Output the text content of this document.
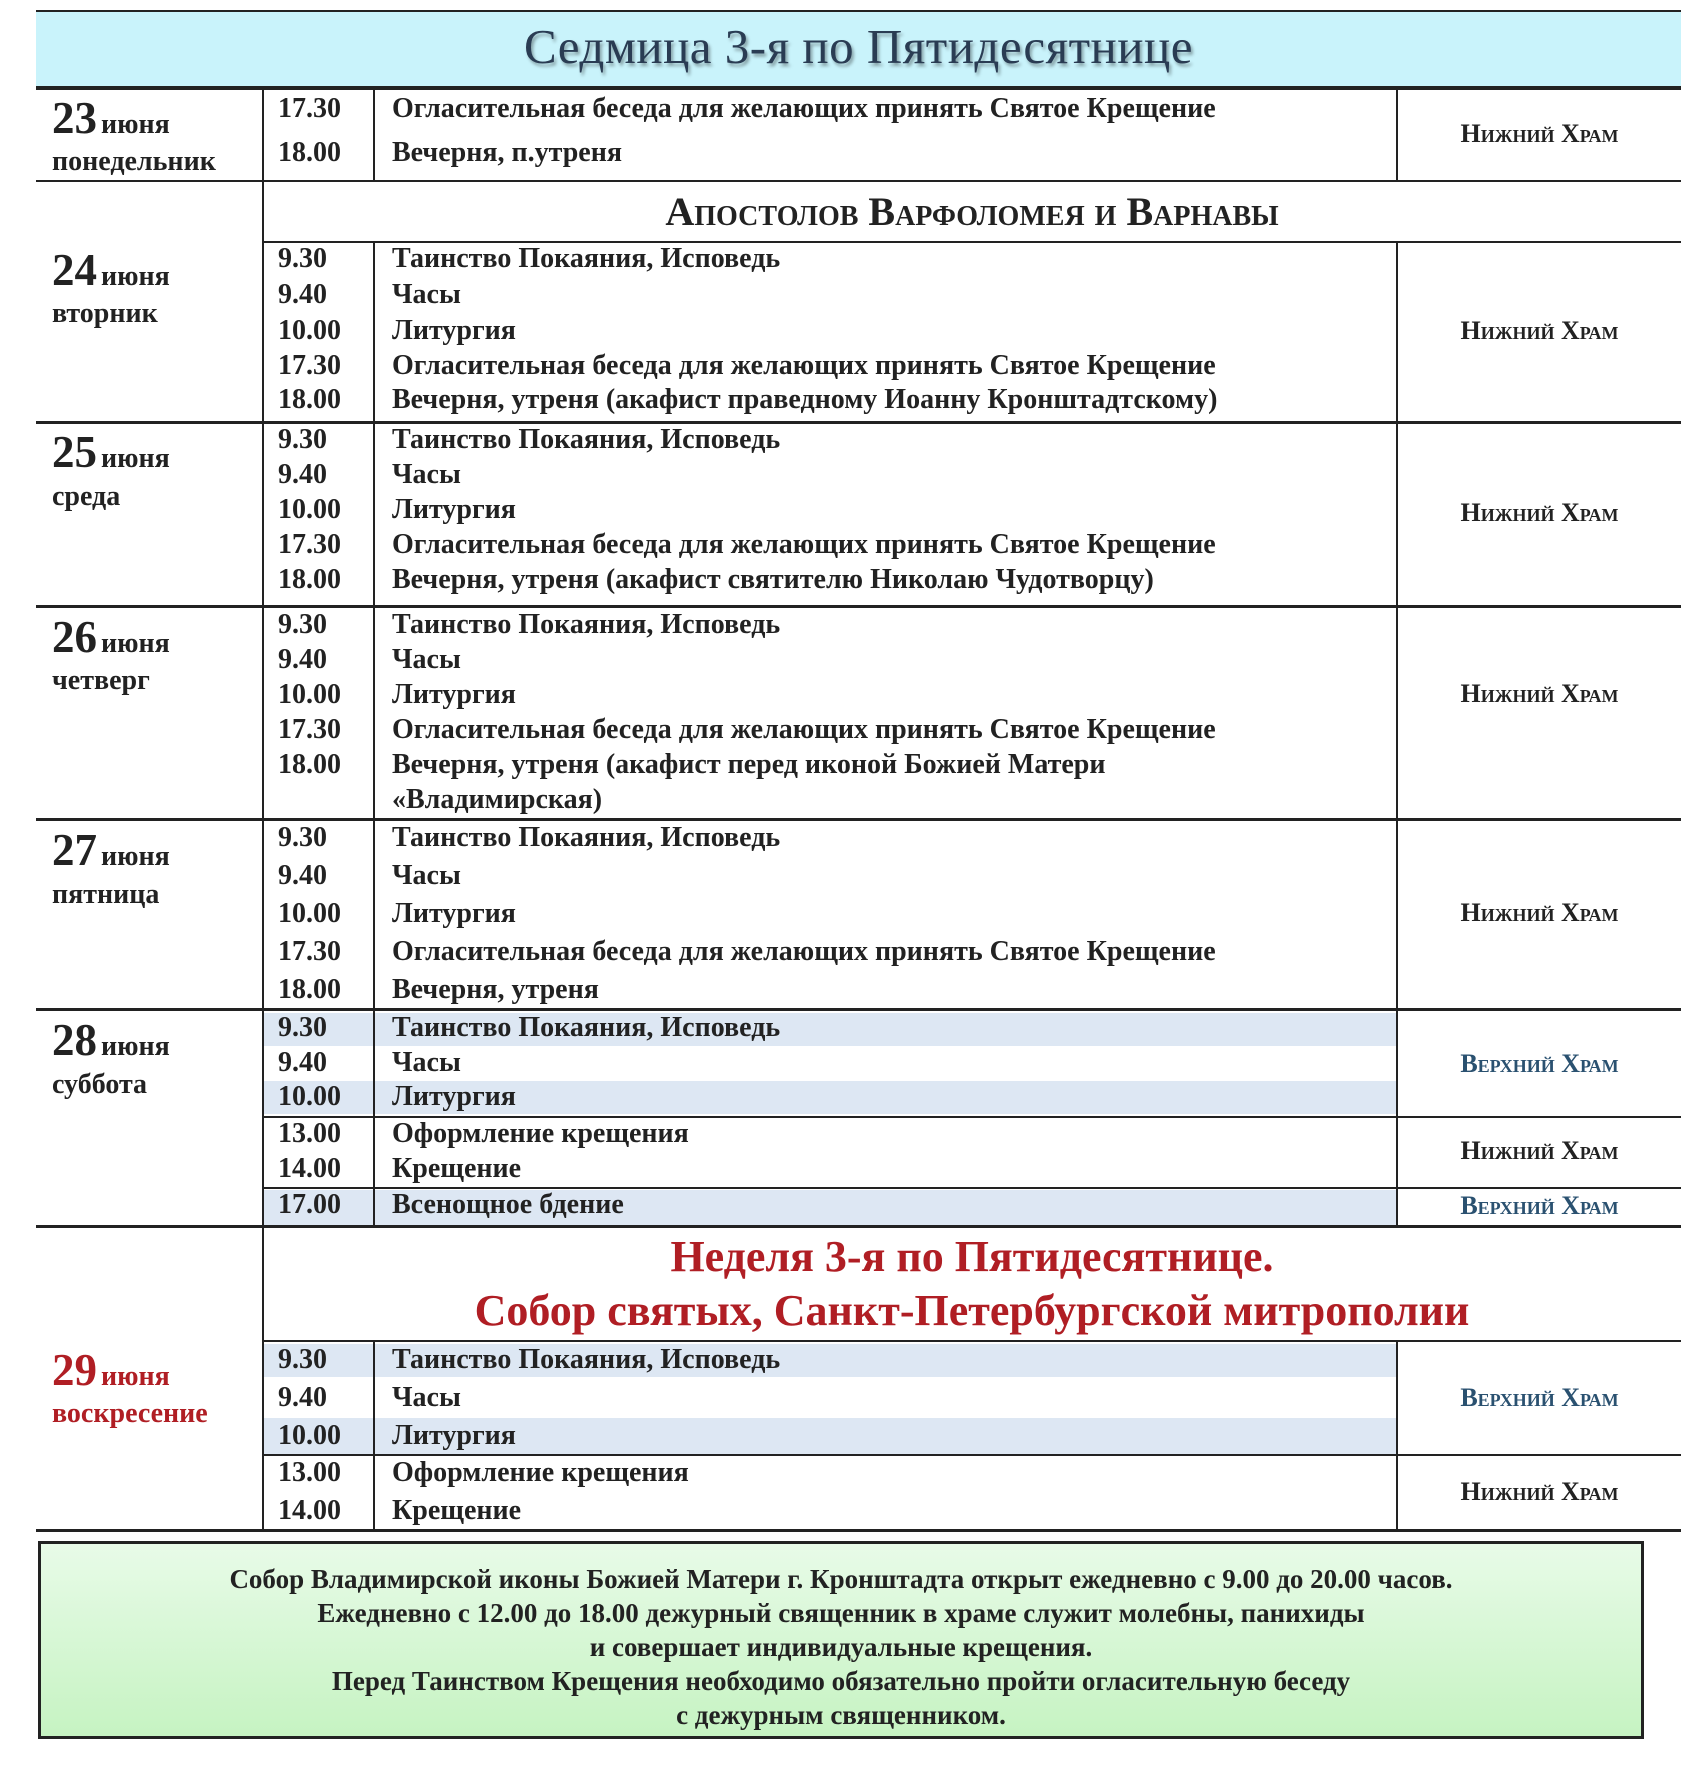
Седмица 3-я по Пятидесятнице
23 июня
понедельник
17.30
18.00
Огласительная беседа для желающих принять Святое Крещение
Вечерня, п.утреня
Нижний Храм
Апостолов Варфоломея и Варнавы
24 июня
вторник
9.30
9.40
10.00
17.30
18.00
Таинство Покаяния, Исповедь
Часы
Литургия
Огласительная беседа для желающих принять Святое Крещение
Вечерня, утреня (акафист праведному Иоанну Кронштадтскому)
Нижний Храм
25 июня
среда
9.30
9.40
10.00
17.30
18.00
Таинство Покаяния, Исповедь
Часы
Литургия
Огласительная беседа для желающих принять Святое Крещение
Вечерня, утреня (акафист святителю Николаю Чудотворцу)
Нижний Храм
26 июня
четверг
9.30
9.40
10.00
17.30
18.00
Таинство Покаяния, Исповедь
Часы
Литургия
Огласительная беседа для желающих принять Святое Крещение
Вечерня, утреня (акафист перед иконой Божией Матери
«Владимирская)
Нижний Храм
27 июня
пятница
9.30
9.40
10.00
17.30
18.00
Таинство Покаяния, Исповедь
Часы
Литургия
Огласительная беседа для желающих принять Святое Крещение
Вечерня, утреня
Нижний Храм
28 июня
суббота
9.30
9.40
10.00
13.00
14.00
17.00
Таинство Покаяния, Исповедь
Часы
Литургия
Оформление крещения
Крещение
Всенощное бдение
Верхний Храм
Нижний Храм
Верхний Храм
Неделя 3-я по Пятидесятнице.
Собор святых, Санкт-Петербургской митрополии
29 июня
воскресение
9.30
9.40
10.00
13.00
14.00
Таинство Покаяния, Исповедь
Часы
Литургия
Оформление крещения
Крещение
Верхний Храм
Нижний Храм
Собор Владимирской иконы Божией Матери г. Кронштадта открыт ежедневно с 9.00 до 20.00 часов.
Ежедневно с 12.00 до 18.00 дежурный священник в храме служит молебны, панихиды
и совершает индивидуальные крещения.
Перед Таинством Крещения необходимо обязательно пройти огласительную беседу
с дежурным священником.
